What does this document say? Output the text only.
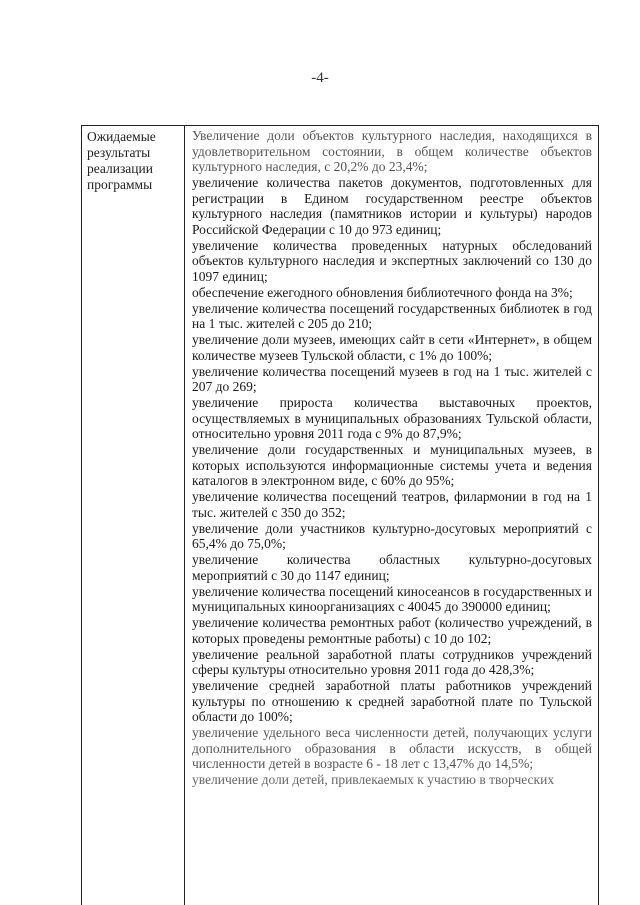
-4-
Ожидаемые результаты реализации программы

Увеличение доли объектов культурного наследия, находящихся в удовлетворительном состоянии, в общем количестве объектов культурного наследия, с 20,2% до 23,4%;

увеличение количества пакетов документов, подготовленных для регистрации в Едином государственном реестре объектов культурного наследия (памятников истории и культуры) народов Российской Федерации с 10 до 973 единиц;

увеличение количества проведенных натурных обследований объектов культурного наследия и экспертных заключений со 130 до 1097 единиц;

обеспечение ежегодного обновления библиотечного фонда на 3%;

увеличение количества посещений государственных библиотек в год на 1 тыс. жителей с 205 до 210;

увеличение доли музеев, имеющих сайт в сети «Интернет», в общем количестве музеев Тульской области, с 1% до 100%;

увеличение количества посещений музеев в год на 1 тыс. жителей с 207 до 269;

увеличение прироста количества выставочных проектов, осуществляемых в муниципальных образованиях Тульской области, относительно уровня 2011 года с 9% до 87,9%;

увеличение доли государственных и муниципальных музеев, в которых используются информационные системы учета и ведения каталогов в электронном виде, с 60% до 95%;

увеличение количества посещений театров, филармонии в год на 1 тыс. жителей с 350 до 352;

увеличение доли участников культурно-досуговых мероприятий с 65,4% до 75,0%;

увеличение количества областных культурно-досуговых мероприятий с 30 до 1147 единиц;

увеличение количества посещений киносеансов в государственных и муниципальных киноорганизациях с 40045 до 390000 единиц;

увеличение количества ремонтных работ (количество учреждений, в которых проведены ремонтные работы) с 10 до 102;

увеличение реальной заработной платы сотрудников учреждений сферы культуры относительно уровня 2011 года до 428,3%;

увеличение средней заработной платы работников учреждений культуры по отношению к средней заработной плате по Тульской области до 100%;

увеличение удельного веса численности детей, получающих услуги дополнительного образования в области искусств, в общей численности детей в возрасте 6 - 18 лет с 13,47% до 14,5%;

увеличение доли детей, привлекаемых к участию в творческих
